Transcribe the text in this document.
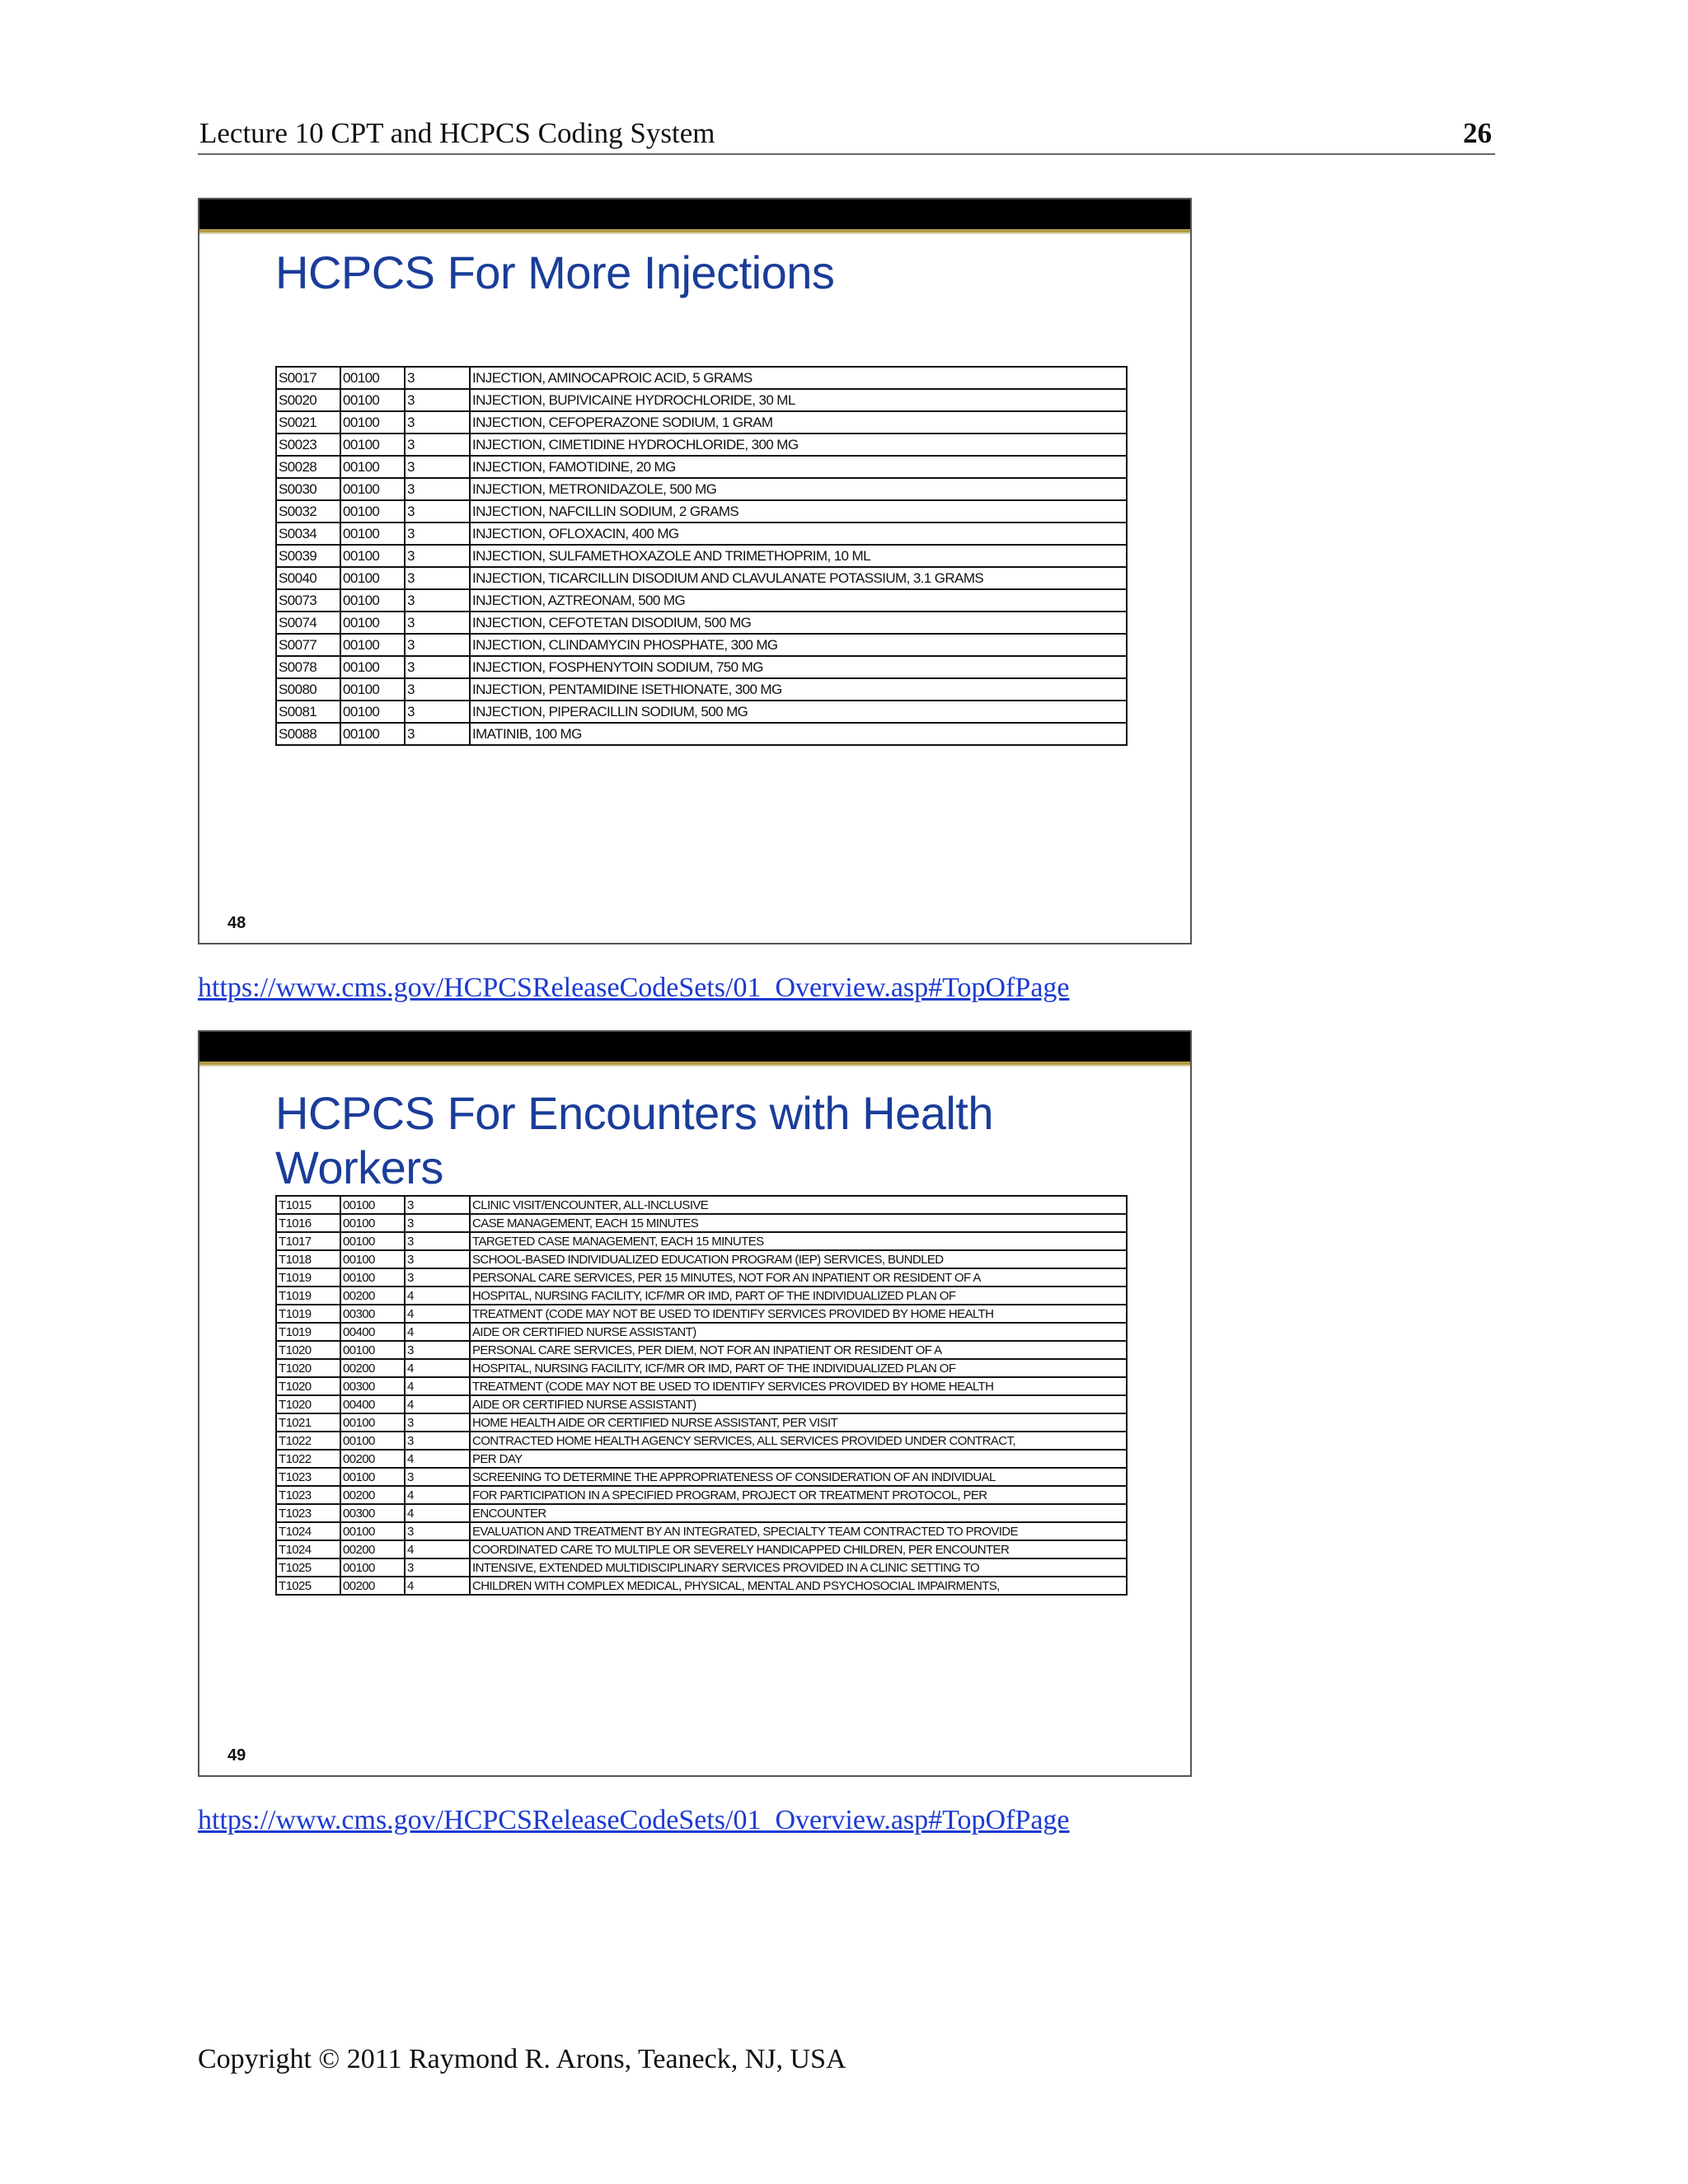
Lecture 10 CPT and HCPCS Coding System	26
HCPCS For More Injections
S0017	00100	3	INJECTION, AMINOCAPROIC ACID, 5 GRAMS
S0020	00100	3	INJECTION, BUPIVICAINE HYDROCHLORIDE, 30 ML
S0021	00100	3	INJECTION, CEFOPERAZONE SODIUM, 1 GRAM
S0023	00100	3	INJECTION, CIMETIDINE HYDROCHLORIDE, 300 MG
S0028	00100	3	INJECTION, FAMOTIDINE, 20 MG
S0030	00100	3	INJECTION, METRONIDAZOLE, 500 MG
S0032	00100	3	INJECTION, NAFCILLIN SODIUM, 2 GRAMS
S0034	00100	3	INJECTION, OFLOXACIN, 400 MG
S0039	00100	3	INJECTION, SULFAMETHOXAZOLE AND TRIMETHOPRIM, 10 ML
S0040	00100	3	INJECTION, TICARCILLIN DISODIUM AND CLAVULANATE POTASSIUM, 3.1 GRAMS
S0073	00100	3	INJECTION, AZTREONAM, 500 MG
S0074	00100	3	INJECTION, CEFOTETAN DISODIUM, 500 MG
S0077	00100	3	INJECTION, CLINDAMYCIN PHOSPHATE, 300 MG
S0078	00100	3	INJECTION, FOSPHENYTOIN SODIUM, 750 MG
S0080	00100	3	INJECTION, PENTAMIDINE ISETHIONATE, 300 MG
S0081	00100	3	INJECTION, PIPERACILLIN SODIUM, 500 MG
S0088	00100	3	IMATINIB, 100 MG
48
https://www.cms.gov/HCPCSReleaseCodeSets/01_Overview.asp#TopOfPage
HCPCS For Encounters with Health
Workers
T1015	00100	3	CLINIC VISIT/ENCOUNTER, ALL-INCLUSIVE
T1016	00100	3	CASE MANAGEMENT, EACH 15 MINUTES
T1017	00100	3	TARGETED CASE MANAGEMENT, EACH 15 MINUTES
T1018	00100	3	SCHOOL-BASED INDIVIDUALIZED EDUCATION PROGRAM (IEP) SERVICES, BUNDLED
T1019	00100	3	PERSONAL CARE SERVICES, PER 15 MINUTES, NOT FOR AN INPATIENT OR RESIDENT OF A
T1019	00200	4	HOSPITAL, NURSING FACILITY, ICF/MR OR IMD, PART OF THE INDIVIDUALIZED PLAN OF
T1019	00300	4	TREATMENT (CODE MAY NOT BE USED TO IDENTIFY SERVICES PROVIDED BY HOME HEALTH
T1019	00400	4	AIDE OR CERTIFIED NURSE ASSISTANT)
T1020	00100	3	PERSONAL CARE SERVICES, PER DIEM, NOT FOR AN INPATIENT OR RESIDENT OF A
T1020	00200	4	HOSPITAL, NURSING FACILITY, ICF/MR OR IMD, PART OF THE INDIVIDUALIZED PLAN OF
T1020	00300	4	TREATMENT (CODE MAY NOT BE USED TO IDENTIFY SERVICES PROVIDED BY HOME HEALTH
T1020	00400	4	AIDE OR CERTIFIED NURSE ASSISTANT)
T1021	00100	3	HOME HEALTH AIDE OR CERTIFIED NURSE ASSISTANT, PER VISIT
T1022	00100	3	CONTRACTED HOME HEALTH AGENCY SERVICES, ALL SERVICES PROVIDED UNDER CONTRACT,
T1022	00200	4	PER DAY
T1023	00100	3	SCREENING TO DETERMINE THE APPROPRIATENESS OF CONSIDERATION OF AN INDIVIDUAL
T1023	00200	4	FOR PARTICIPATION IN A SPECIFIED PROGRAM, PROJECT OR TREATMENT PROTOCOL, PER
T1023	00300	4	ENCOUNTER
T1024	00100	3	EVALUATION AND TREATMENT BY AN INTEGRATED, SPECIALTY TEAM CONTRACTED TO PROVIDE
T1024	00200	4	COORDINATED CARE TO MULTIPLE OR SEVERELY HANDICAPPED CHILDREN, PER ENCOUNTER
T1025	00100	3	INTENSIVE, EXTENDED MULTIDISCIPLINARY SERVICES PROVIDED IN A CLINIC SETTING TO
T1025	00200	4	CHILDREN WITH COMPLEX MEDICAL, PHYSICAL, MENTAL AND PSYCHOSOCIAL IMPAIRMENTS,
49
https://www.cms.gov/HCPCSReleaseCodeSets/01_Overview.asp#TopOfPage
Copyright © 2011 Raymond R. Arons, Teaneck, NJ, USA
